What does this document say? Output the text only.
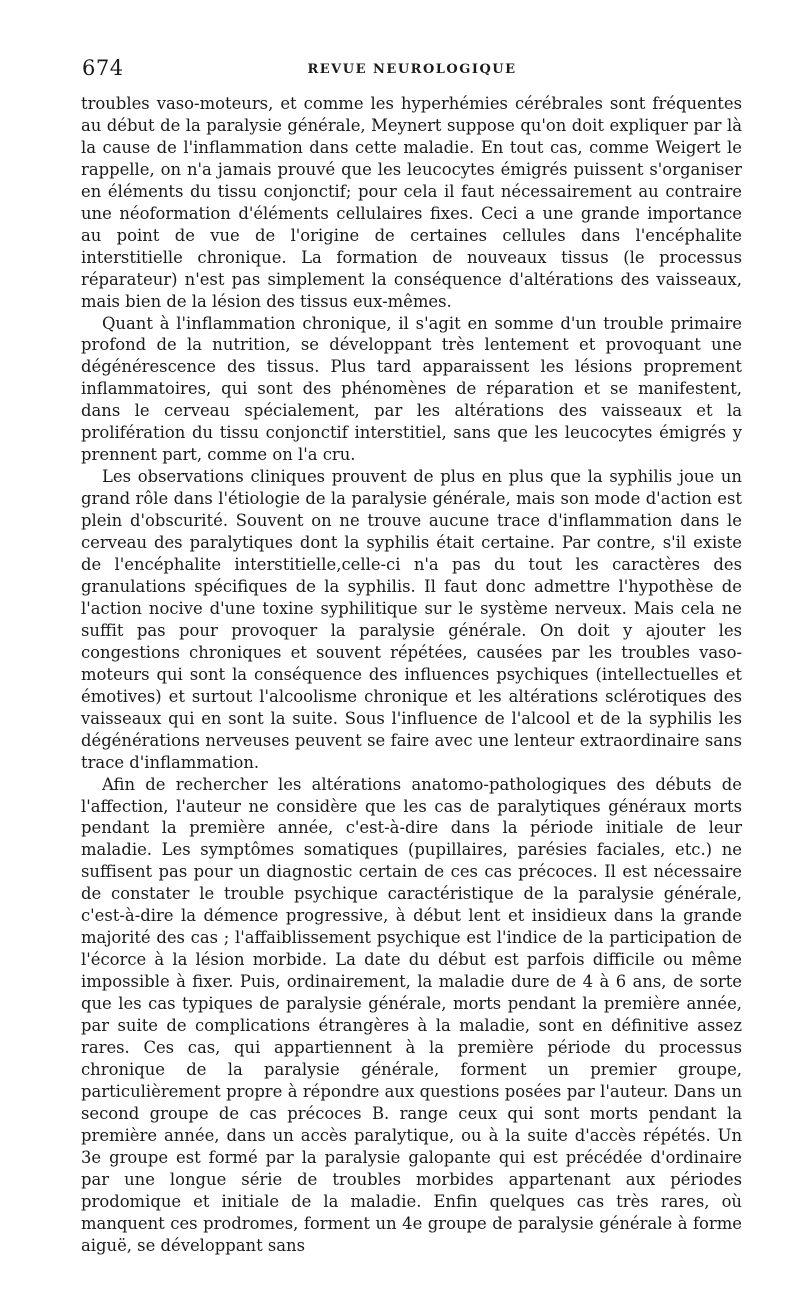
674	REVUE NEUROLOGIQUE

troubles vaso-moteurs, et comme les hyperhémies cérébrales sont fréquentes au début de la paralysie générale, Meynert suppose qu'on doit expliquer par là la cause de l'inflammation dans cette maladie. En tout cas, comme Weigert le rappelle, on n'a jamais prouvé que les leucocytes émigrés puissent s'organiser en éléments du tissu conjonctif; pour cela il faut nécessairement au contraire une néoformation d'éléments cellulaires fixes. Ceci a une grande importance au point de vue de l'origine de certaines cellules dans l'encéphalite interstitielle chronique. La formation de nouveaux tissus (le processus réparateur) n'est pas simplement la conséquence d'altérations des vaisseaux, mais bien de la lésion des tissus eux-mêmes.

Quant à l'inflammation chronique, il s'agit en somme d'un trouble primaire profond de la nutrition, se développant très lentement et provoquant une dégénérescence des tissus. Plus tard apparaissent les lésions proprement inflammatoires, qui sont des phénomènes de réparation et se manifestent, dans le cerveau spécialement, par les altérations des vaisseaux et la prolifération du tissu conjonctif interstitiel, sans que les leucocytes émigrés y prennent part, comme on l'a cru.

Les observations cliniques prouvent de plus en plus que la syphilis joue un grand rôle dans l'étiologie de la paralysie générale, mais son mode d'action est plein d'obscurité. Souvent on ne trouve aucune trace d'inflammation dans le cerveau des paralytiques dont la syphilis était certaine. Par contre, s'il existe de l'encéphalite interstitielle,celle-ci n'a pas du tout les caractères des granulations spécifiques de la syphilis. Il faut donc admettre l'hypothèse de l'action nocive d'une toxine syphilitique sur le système nerveux. Mais cela ne suffit pas pour provoquer la paralysie générale. On doit y ajouter les congestions chroniques et souvent répétées, causées par les troubles vaso-moteurs qui sont la conséquence des influences psychiques (intellectuelles et émotives) et surtout l'alcoolisme chronique et les altérations sclérotiques des vaisseaux qui en sont la suite. Sous l'influence de l'alcool et de la syphilis les dégénérations nerveuses peuvent se faire avec une lenteur extraordinaire sans trace d'inflammation.

Afin de rechercher les altérations anatomo-pathologiques des débuts de l'affection, l'auteur ne considère que les cas de paralytiques généraux morts pendant la première année, c'est-à-dire dans la période initiale de leur maladie. Les symptômes somatiques (pupillaires, parésies faciales, etc.) ne suffisent pas pour un diagnostic certain de ces cas précoces. Il est nécessaire de constater le trouble psychique caractéristique de la paralysie générale, c'est-à-dire la démence progressive, à début lent et insidieux dans la grande majorité des cas ; l'affaiblissement psychique est l'indice de la participation de l'écorce à la lésion morbide. La date du début est parfois difficile ou même impossible à fixer. Puis, ordinairement, la maladie dure de 4 à 6 ans, de sorte que les cas typiques de paralysie générale, morts pendant la première année, par suite de complications étrangères à la maladie, sont en définitive assez rares. Ces cas, qui appartiennent à la première période du processus chronique de la paralysie générale, forment un premier groupe, particulièrement propre à répondre aux questions posées par l'auteur. Dans un second groupe de cas précoces B. range ceux qui sont morts pendant la première année, dans un accès paralytique, ou à la suite d'accès répétés. Un 3e groupe est formé par la paralysie galopante qui est précédée d'ordinaire par une longue série de troubles morbides appartenant aux périodes prodomique et initiale de la maladie. Enfin quelques cas très rares, où manquent ces prodromes, forment un 4e groupe de paralysie générale à forme aiguë, se développant sans
